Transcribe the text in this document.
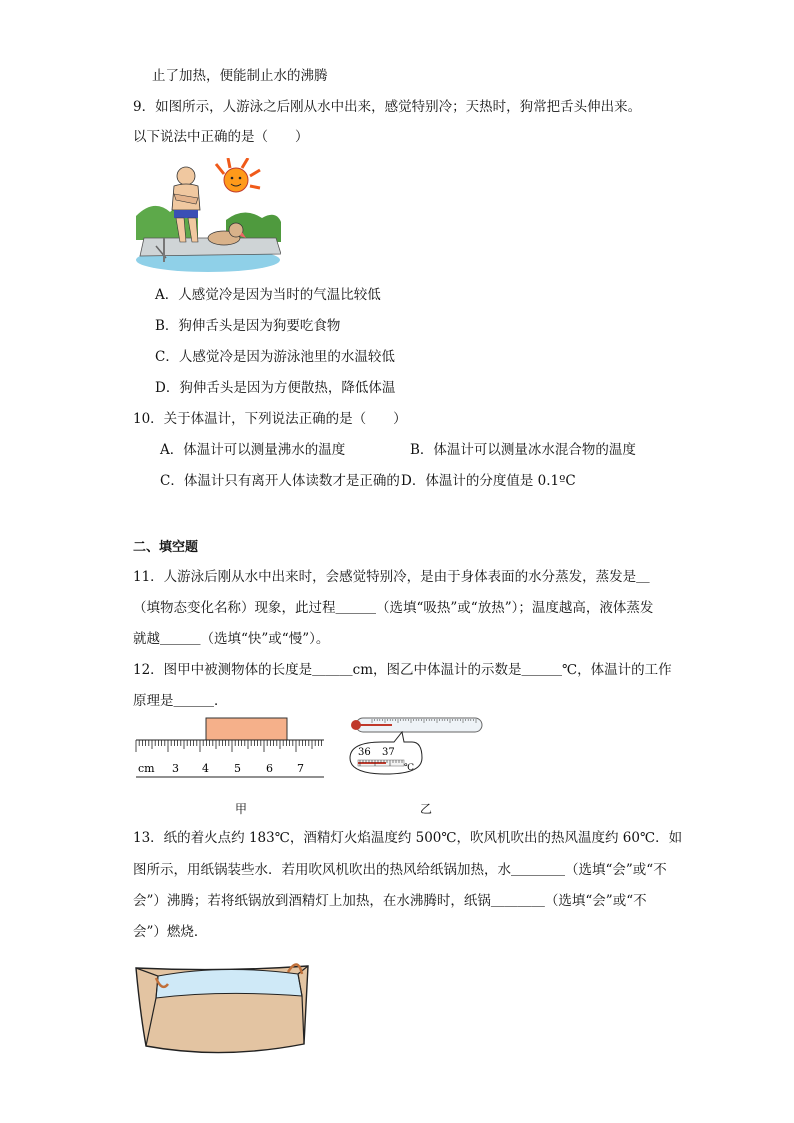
止了加热，便能制止水的沸腾
9．如图所示，人游泳之后刚从水中出来，感觉特别冷；天热时，狗常把舌头伸出来。
以下说法中正确的是（　　）
A．人感觉冷是因为当时的气温比较低
B．狗伸舌头是因为狗要吃食物
C．人感觉冷是因为游泳池里的水温较低
D．狗伸舌头是因为方便散热，降低体温
10．关于体温计，下列说法正确的是（　　）
A．体温计可以测量沸水的温度	B．体温计可以测量冰水混合物的温度
C．体温计只有离开人体读数才是正确的 D．体温计的分度值是 0.1ºC
二、填空题
11．人游泳后刚从水中出来时，会感觉特别冷，是由于身体表面的水分蒸发，蒸发是＿
（填物态变化名称）现象，此过程＿＿＿（选填“吸热”或“放热”）；温度越高，液体蒸发
就越＿＿＿（选填“快”或“慢”）。
12．图甲中被测物体的长度是＿＿＿cm，图乙中体温计的示数是＿＿＿℃，体温计的工作
原理是＿＿＿．
cm 3 4 5 6 7
36 37
℃
甲	乙
13．纸的着火点约 183℃，酒精灯火焰温度约 500℃，吹风机吹出的热风温度约 60℃．如
图所示，用纸锅装些水．若用吹风机吹出的热风给纸锅加热，水＿＿＿＿（选填“会”或“不
会”）沸腾；若将纸锅放到酒精灯上加热，在水沸腾时，纸锅＿＿＿＿（选填“会”或“不
会”）燃烧．
